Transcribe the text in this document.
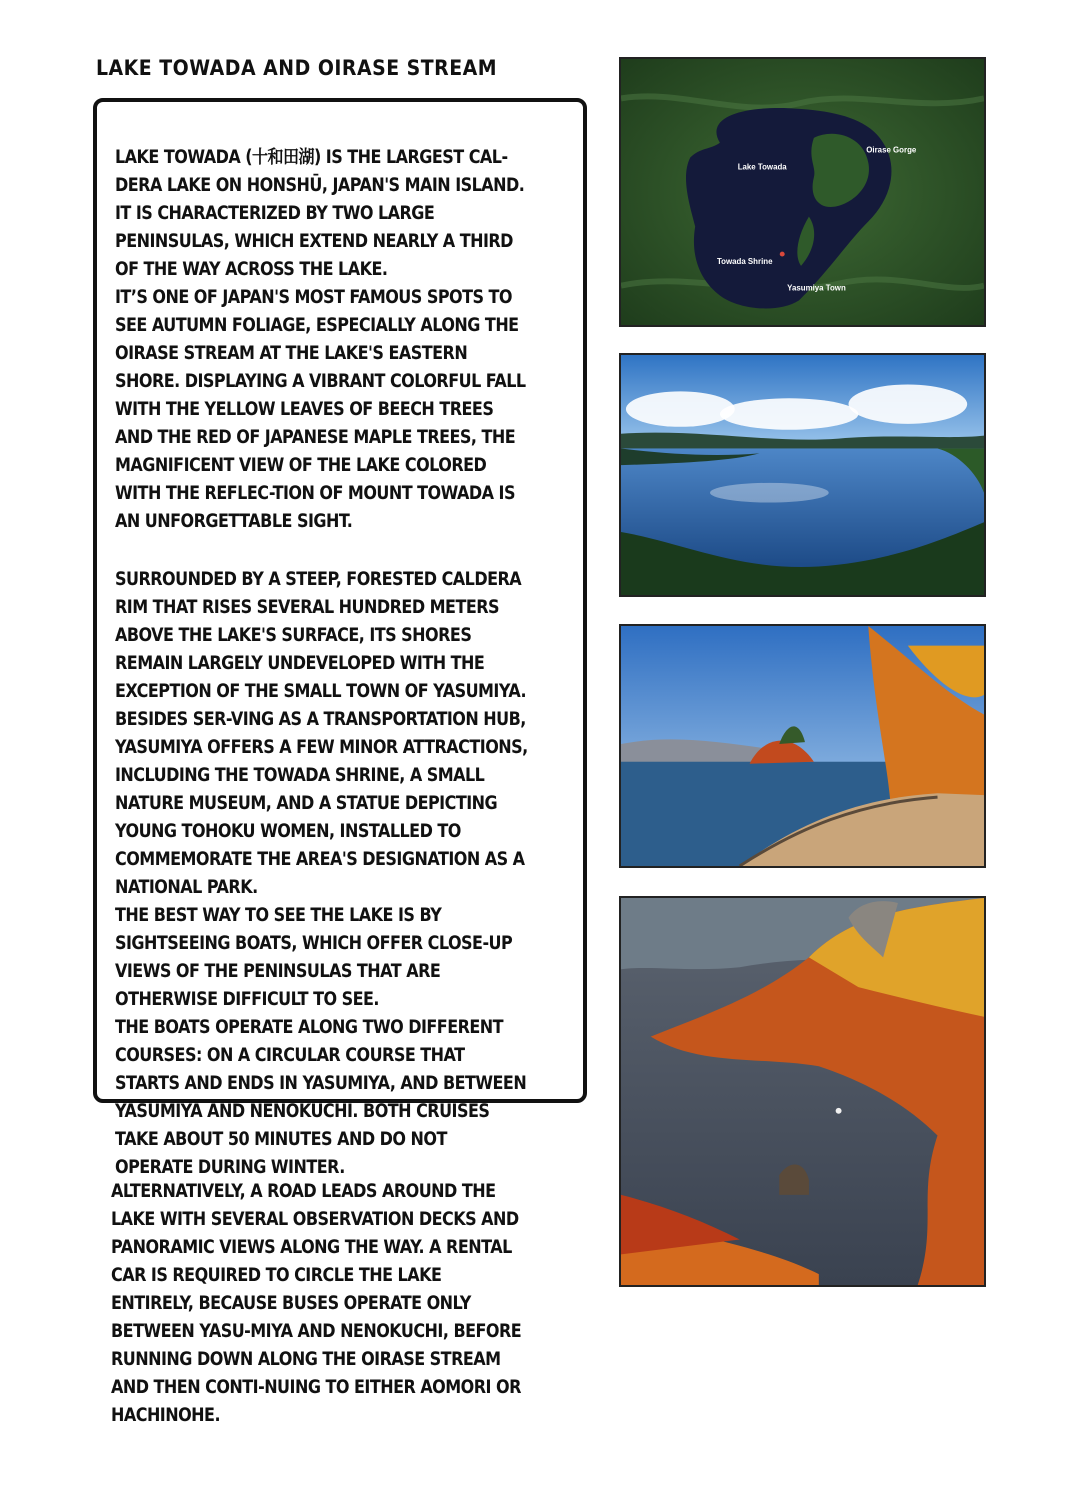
LAKE TOWADA AND OIRASE STREAM

LAKE TOWADA (十和田湖) IS THE LARGEST CAL-DERA LAKE ON HONSHŪ, JAPAN'S MAIN ISLAND. IT IS CHARACTERIZED BY TWO LARGE PENINSULAS, WHICH EXTEND NEARLY A THIRD OF THE WAY ACROSS THE LAKE.

IT’S ONE OF JAPAN'S MOST FAMOUS SPOTS TO SEE AUTUMN FOLIAGE, ESPECIALLY ALONG THE OIRASE STREAM AT THE LAKE'S EASTERN SHORE. DISPLAYING A VIBRANT COLORFUL FALL WITH THE YELLOW LEAVES OF BEECH TREES AND THE RED OF JAPANESE MAPLE TREES, THE MAGNIFICENT VIEW OF THE LAKE COLORED WITH THE REFLEC-TION OF MOUNT TOWADA IS AN UNFORGETTABLE SIGHT.

SURROUNDED BY A STEEP, FORESTED CALDERA RIM THAT RISES SEVERAL HUNDRED METERS ABOVE THE LAKE'S SURFACE, ITS SHORES REMAIN LARGELY UNDEVELOPED WITH THE EXCEPTION OF THE SMALL TOWN OF YASUMIYA. BESIDES SER-VING AS A TRANSPORTATION HUB, YASUMIYA OFFERS A FEW MINOR ATTRACTIONS, INCLUDING THE TOWADA SHRINE, A SMALL NATURE MUSEUM, AND A STATUE DEPICTING YOUNG TOHOKU WOMEN, INSTALLED TO COMMEMORATE THE AREA'S DESIGNATION AS A NATIONAL PARK.

THE BEST WAY TO SEE THE LAKE IS BY SIGHTSEEING BOATS, WHICH OFFER CLOSE-UP VIEWS OF THE PENINSULAS THAT ARE OTHERWISE DIFFICULT TO SEE.

THE BOATS OPERATE ALONG TWO DIFFERENT COURSES: ON A CIRCULAR COURSE THAT STARTS AND ENDS IN YASUMIYA, AND BETWEEN YASUMIYA AND NENOKUCHI. BOTH CRUISES TAKE ABOUT 50 MINUTES AND DO NOT OPERATE DURING WINTER.

Lake Towada
Oirase Gorge
Towada Shrine
Yasumiya Town

ALTERNATIVELY, A ROAD LEADS AROUND THE LAKE WITH SEVERAL OBSERVATION DECKS AND PANORAMIC VIEWS ALONG THE WAY. A RENTAL CAR IS REQUIRED TO CIRCLE THE LAKE ENTIRELY, BECAUSE BUSES OPERATE ONLY BETWEEN YASU-MIYA AND NENOKUCHI, BEFORE RUNNING DOWN ALONG THE OIRASE STREAM AND THEN CONTI-NUING TO EITHER AOMORI OR HACHINOHE.
